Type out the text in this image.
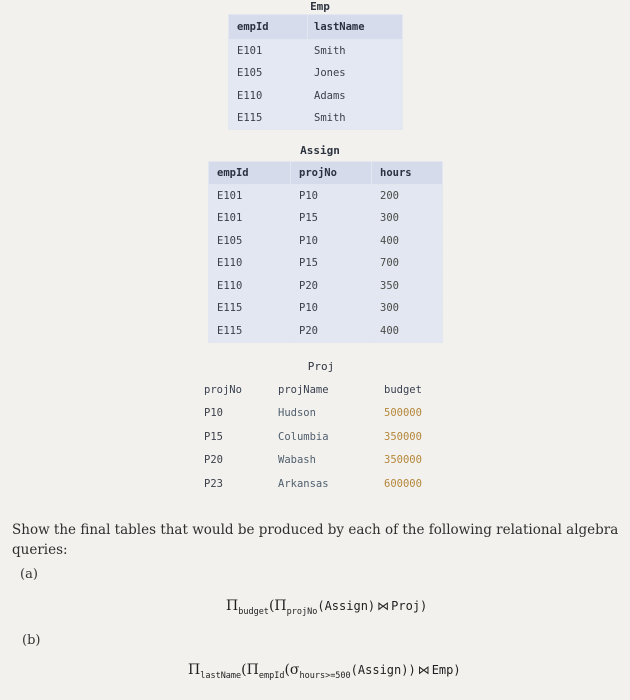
Emp
empId	lastName
E101	Smith
E105	Jones
E110	Adams
E115	Smith
Assign
empId	projNo	hours
E101	P10	200
E101	P15	300
E105	P10	400
E110	P15	700
E110	P20	350
E115	P10	300
E115	P20	400
Proj
projNo	projName	budget
P10	Hudson	500000
P15	Columbia	350000
P20	Wabash	350000
P23	Arkansas	600000
Show the final tables that would be produced by each of the following relational algebra queries:
(a)
$\Pi_{budget}(\Pi_{projNo}(Assign)$ ⋈ Proj)
(b)
$\Pi_{lastName}(\Pi_{empId}(\sigma_{hours>=500}(Assign))$ ⋈ Emp)
